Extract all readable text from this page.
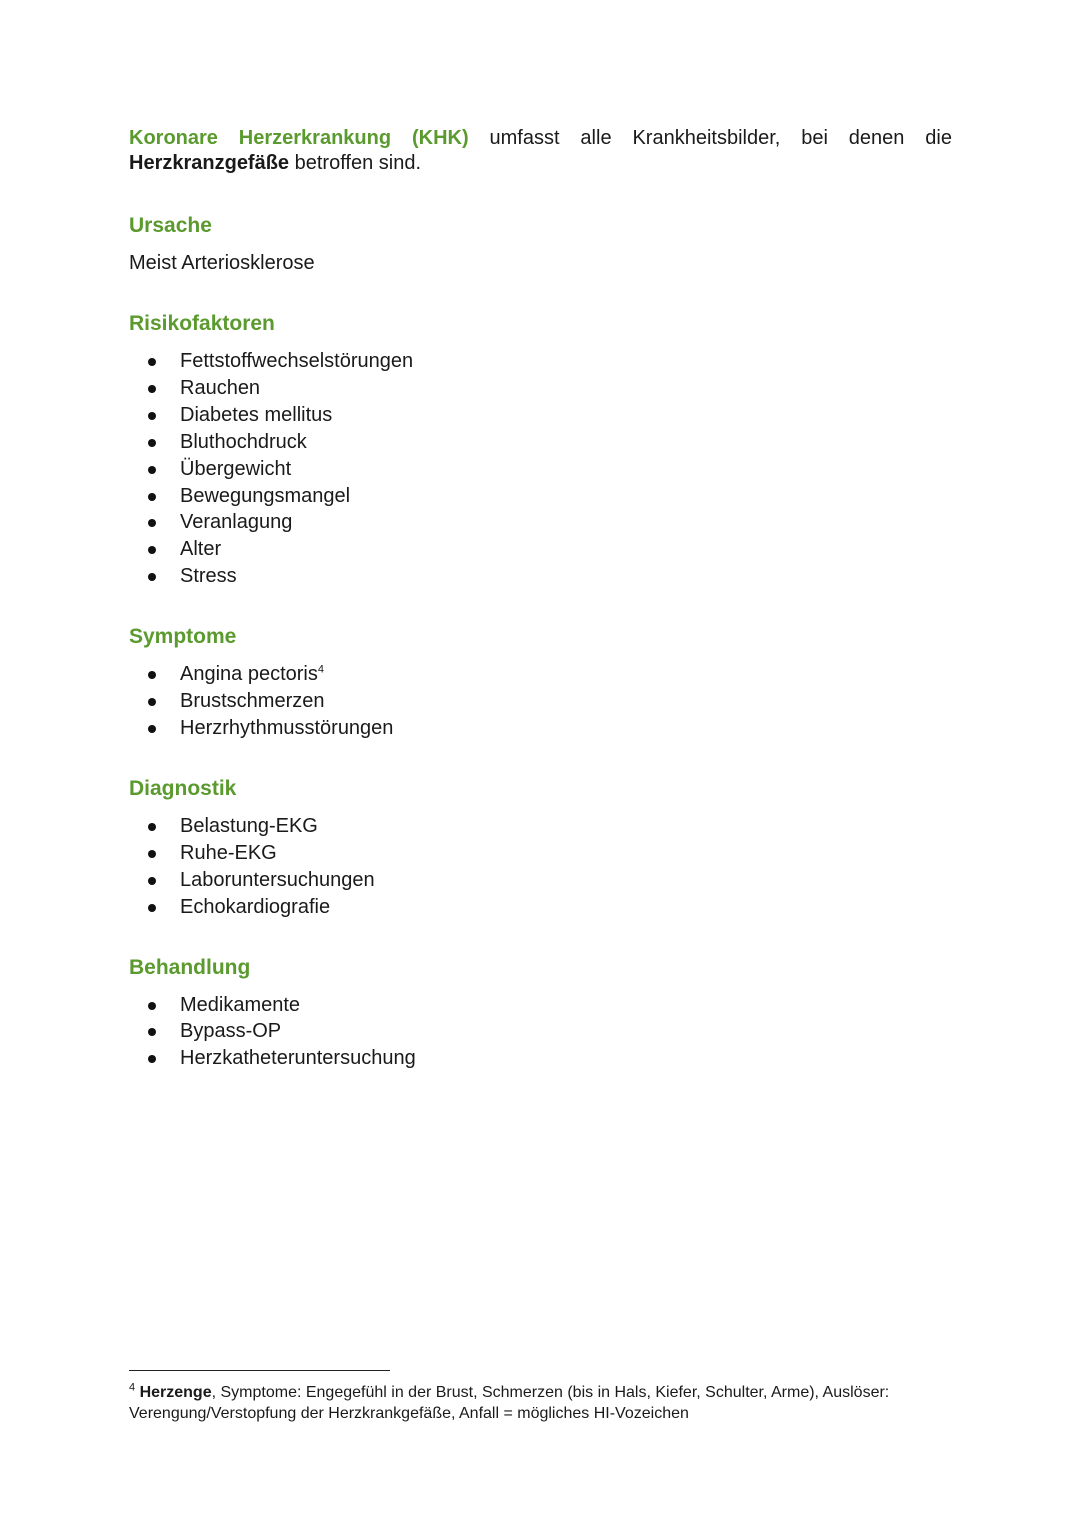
Koronare Herzerkrankung (KHK) umfasst alle Krankheitsbilder, bei denen die Herzkranzgefäße betroffen sind.

Ursache

Meist Arteriosklerose

Risikofaktoren
Fettstoffwechselstörungen
Rauchen
Diabetes mellitus
Bluthochdruck
Übergewicht
Bewegungsmangel
Veranlagung
Alter
Stress
Symptome
Angina pectoris$^4$
Brustschmerzen
Herzrhythmusstörungen
Diagnostik
Belastung-EKG
Ruhe-EKG
Laboruntersuchungen
Echokardiografie
Behandlung
Medikamente
Bypass-OP
Herzkatheteruntersuchung

$^4$ Herzenge, Symptome: Engegefühl in der Brust, Schmerzen (bis in Hals, Kiefer, Schulter, Arme), Auslöser: Verengung/Verstopfung der Herzkrankgefäße, Anfall = mögliches HI-Vozeichen
